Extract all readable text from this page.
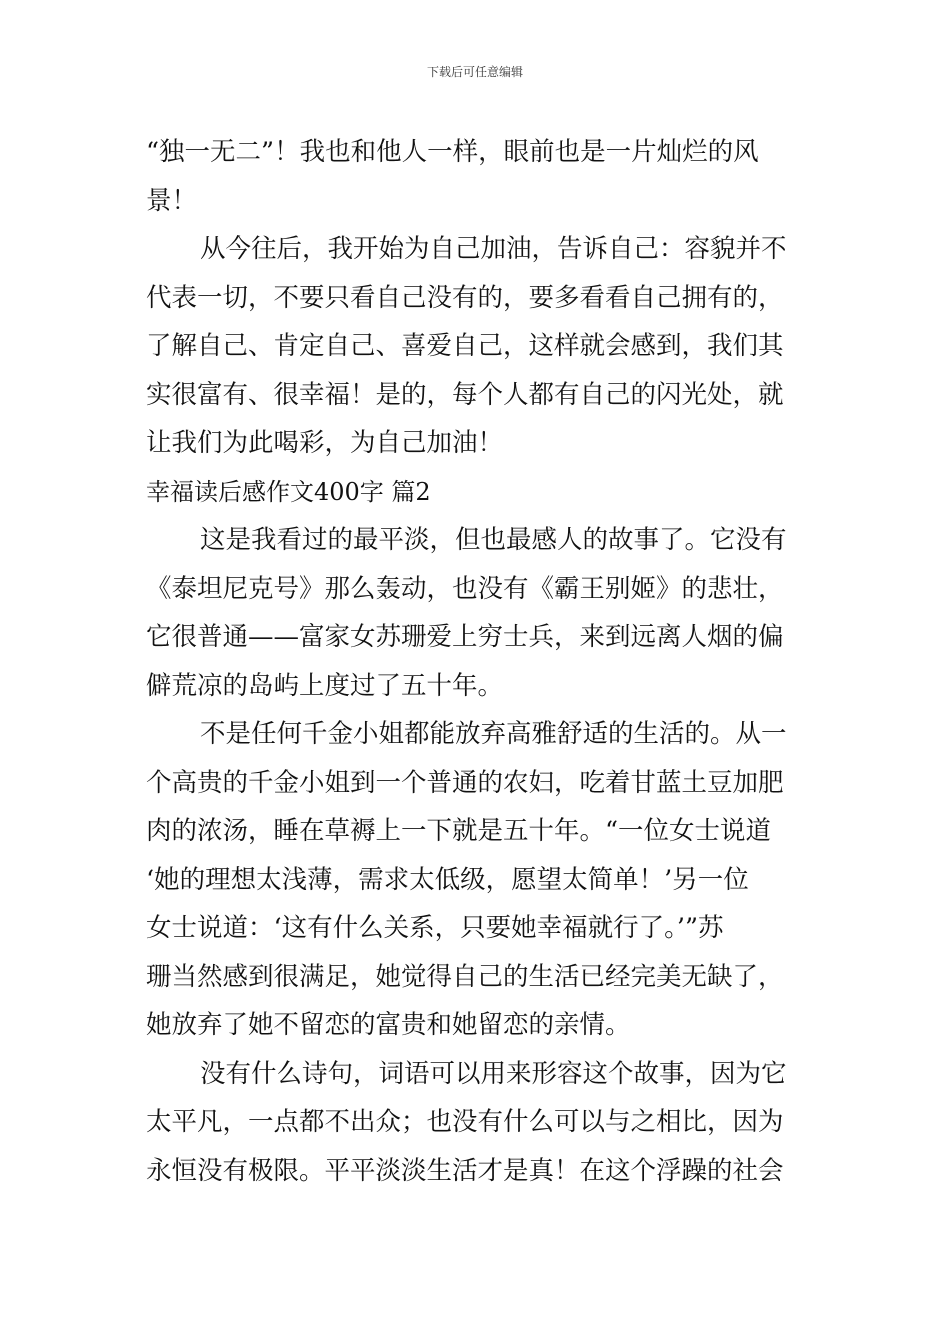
下载后可任意编辑
“独一无二”！我也和他人一样，眼前也是一片灿烂的风
景！
从今往后，我开始为自己加油，告诉自己：容貌并不
代表一切，不要只看自己没有的，要多看看自己拥有的，
了解自己、肯定自己、喜爱自己，这样就会感到，我们其
实很富有、很幸福！是的，每个人都有自己的闪光处，就
让我们为此喝彩，为自己加油！
幸福读后感作文400字 篇2
这是我看过的最平淡，但也最感人的故事了。它没有
《泰坦尼克号》那么轰动，也没有《霸王别姬》的悲壮，
它很普通——富家女苏珊爱上穷士兵，来到远离人烟的偏
僻荒凉的岛屿上度过了五十年。
不是任何千金小姐都能放弃高雅舒适的生活的。从一
个高贵的千金小姐到一个普通的农妇，吃着甘蓝土豆加肥
肉的浓汤，睡在草褥上一下就是五十年。“一位女士说道
‘她的理想太浅薄，需求太低级，愿望太简单！’另一位
女士说道：‘这有什么关系，只要她幸福就行了。’”苏
珊当然感到很满足，她觉得自己的生活已经完美无缺了，
她放弃了她不留恋的富贵和她留恋的亲情。
没有什么诗句，词语可以用来形容这个故事，因为它
太平凡，一点都不出众；也没有什么可以与之相比，因为
永恒没有极限。平平淡淡生活才是真！在这个浮躁的社会
